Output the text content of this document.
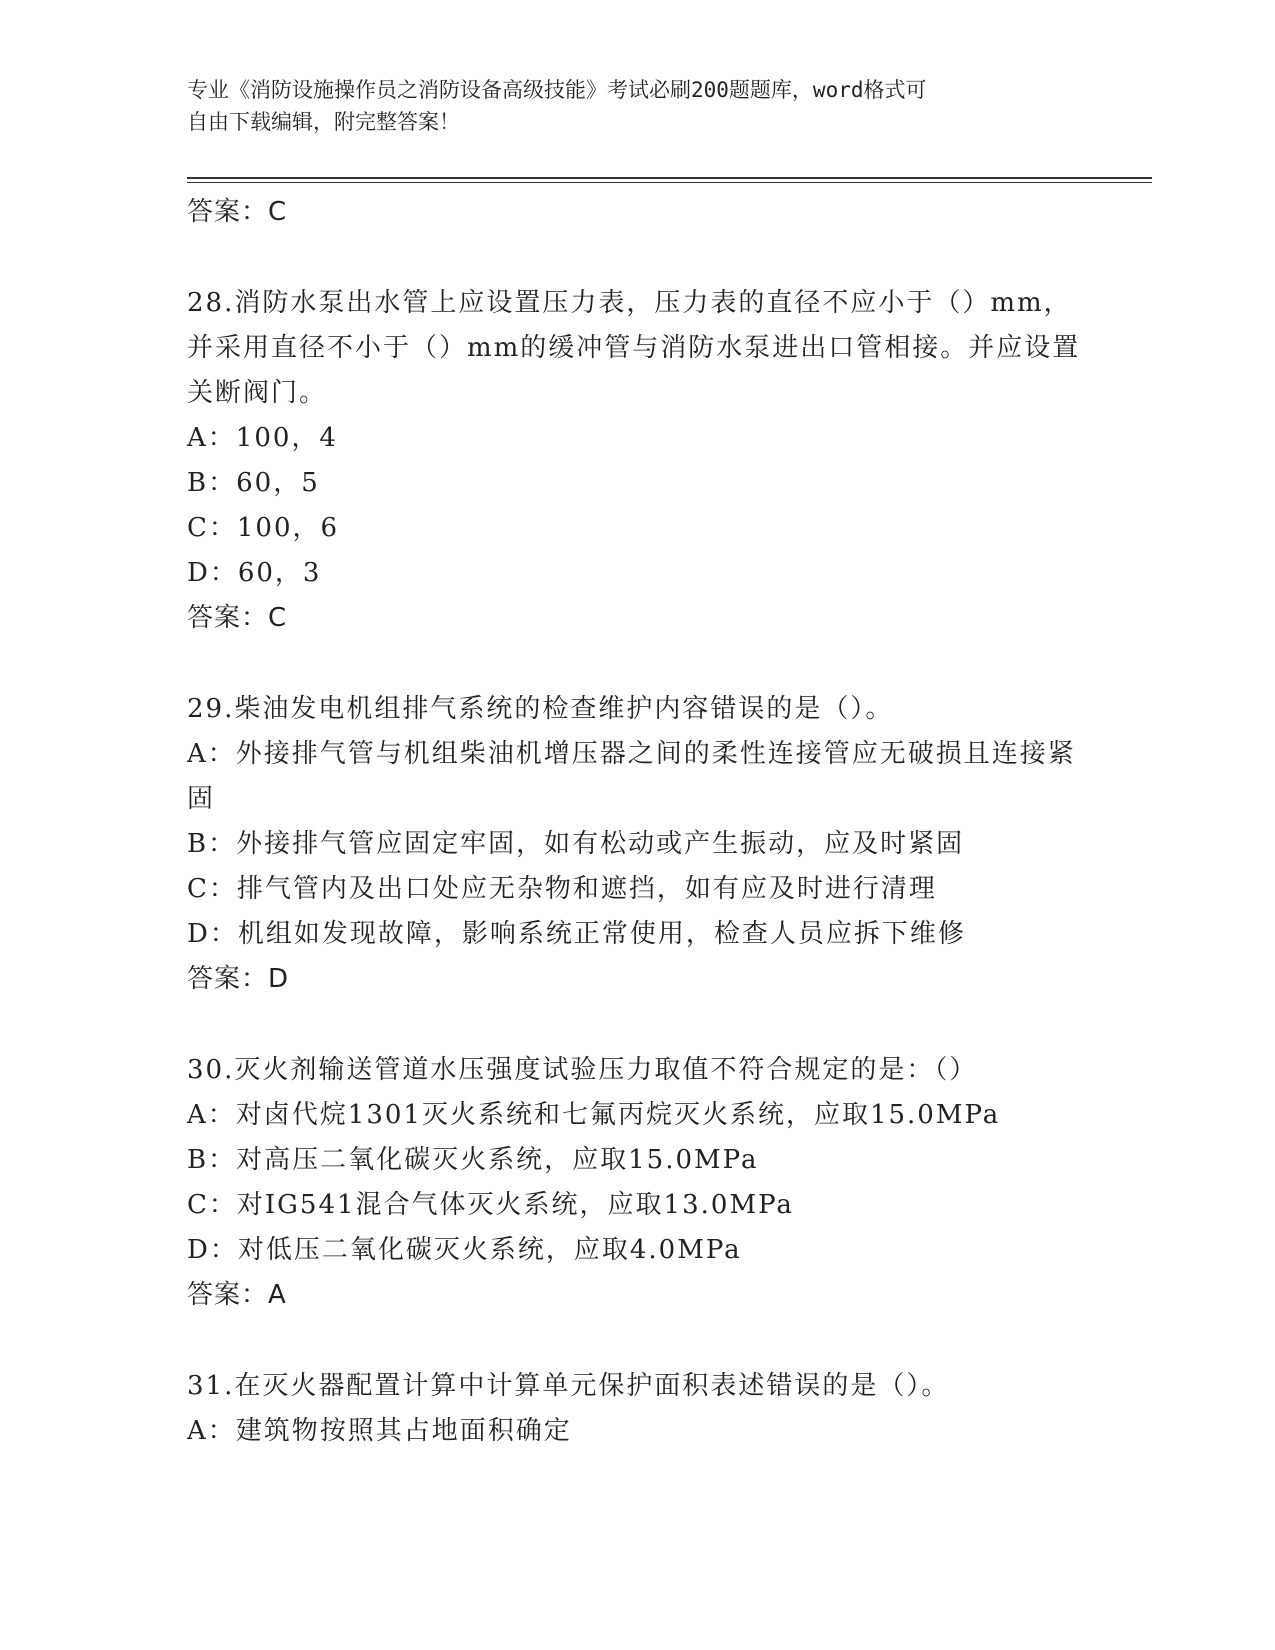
专业《消防设施操作员之消防设备高级技能》考试必刷200题题库，word格式可
自由下载编辑，附完整答案！

答案：C

28.消防水泵出水管上应设置压力表，压力表的直径不应小于（）mm，并采用直径不小于（）mm的缓冲管与消防水泵进出口管相接。并应设置关断阀门。

A：100，4

B：60，5

C：100，6

D：60，3

答案：C

29.柴油发电机组排气系统的检查维护内容错误的是（）。

A：外接排气管与机组柴油机增压器之间的柔性连接管应无破损且连接紧固

B：外接排气管应固定牢固，如有松动或产生振动，应及时紧固

C：排气管内及出口处应无杂物和遮挡，如有应及时进行清理

D：机组如发现故障，影响系统正常使用，检查人员应拆下维修

答案：D

30.灭火剂输送管道水压强度试验压力取值不符合规定的是：（）

A：对卤代烷1301灭火系统和七氟丙烷灭火系统，应取15.0MPa

B：对高压二氧化碳灭火系统，应取15.0MPa

C：对IG541混合气体灭火系统，应取13.0MPa

D：对低压二氧化碳灭火系统，应取4.0MPa

答案：A

31.在灭火器配置计算中计算单元保护面积表述错误的是（）。

A：建筑物按照其占地面积确定
